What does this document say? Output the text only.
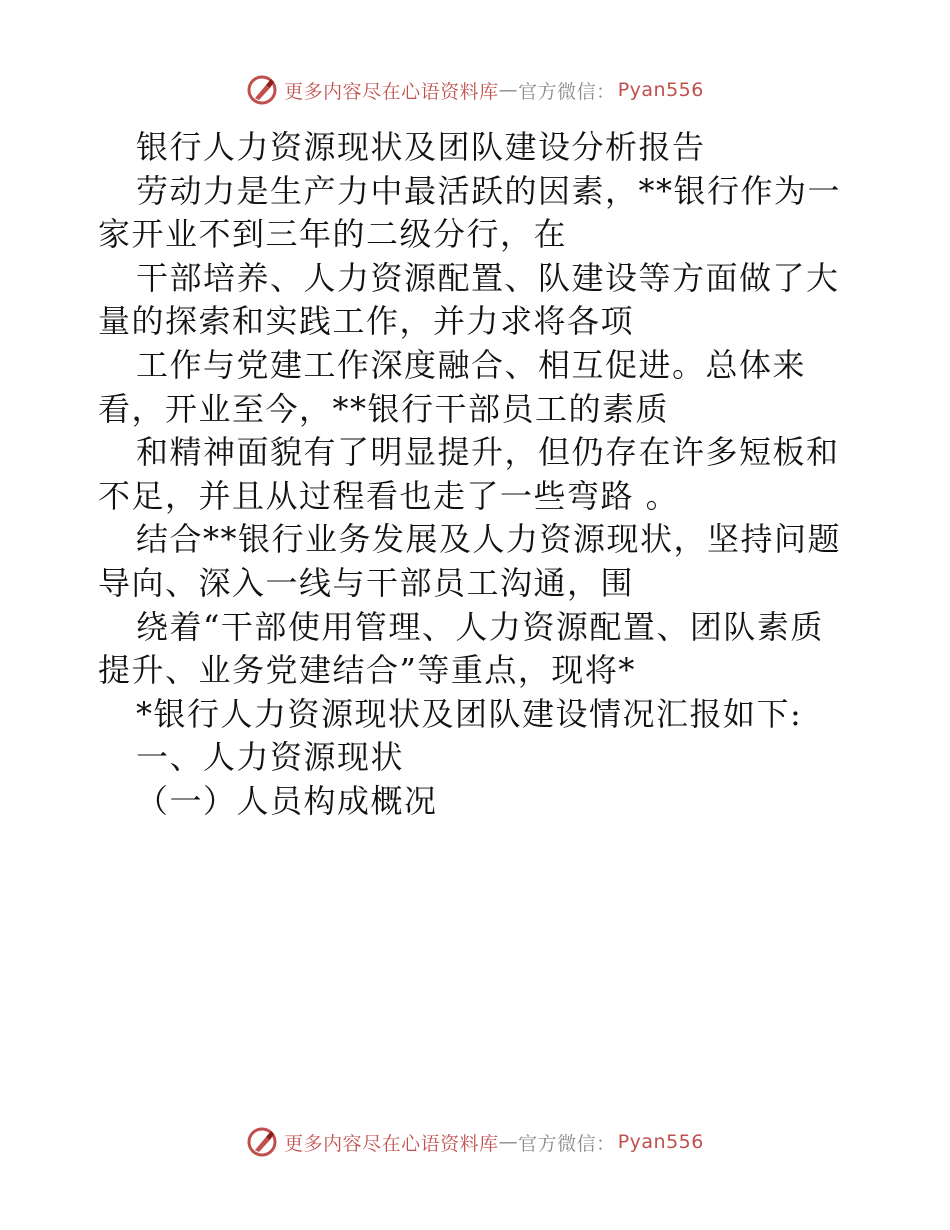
更多内容尽在心语资料库 — 官方微信： Pyan556

银行人力资源现状及团队建设分析报告

劳动力是生产力中最活跃的因素，**银行作为一

家开业不到三年的二级分行，在

干部培养、人力资源配置、队建设等方面做了大

量的探索和实践工作，并力求将各项

工作与党建工作深度融合、相互促进。总体来

看，开业至今，**银行干部员工的素质

和精神面貌有了明显提升，但仍存在许多短板和

不足，并且从过程看也走了一些弯路 。

结合**银行业务发展及人力资源现状，坚持问题

导向、深入一线与干部员工沟通，围

绕着“干部使用管理、人力资源配置、团队素质

提升、业务党建结合”等重点，现将*

*银行人力资源现状及团队建设情况汇报如下:

一、人力资源现状

（一）人员构成概况

更多内容尽在心语资料库 — 官方微信： Pyan556
